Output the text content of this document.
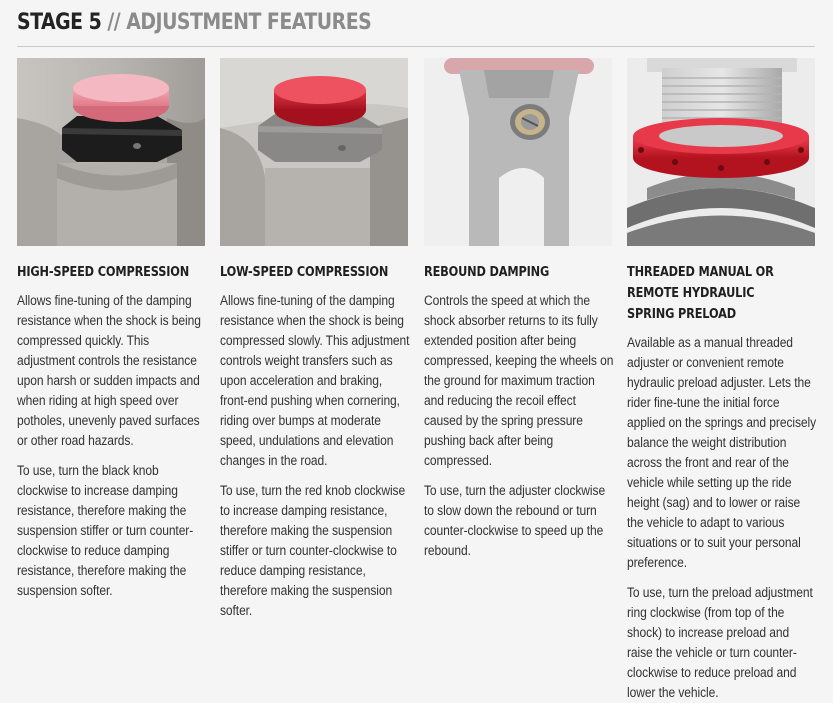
STAGE 5 // ADJUSTMENT FEATURES
HIGH-SPEED COMPRESSION

Allows fine-tuning of the damping resistance when the shock is being compressed quickly. This adjustment controls the resistance upon harsh or sudden impacts and when riding at high speed over potholes, unevenly paved surfaces or other road hazards.

To use, turn the black knob clockwise to increase damping resistance, therefore making the suspension stiffer or turn counter-clockwise to reduce damping resistance, therefore making the suspension softer.

LOW-SPEED COMPRESSION

Allows fine-tuning of the damping resistance when the shock is being compressed slowly. This adjustment controls weight transfers such as upon acceleration and braking, front-end pushing when cornering, riding over bumps at moderate speed, undulations and elevation changes in the road.

To use, turn the red knob clockwise to increase damping resistance, therefore making the suspension stiffer or turn counter-clockwise to reduce damping resistance, therefore making the suspension softer.

REBOUND DAMPING

Controls the speed at which the shock absorber returns to its fully extended position after being compressed, keeping the wheels on the ground for maximum traction and reducing the recoil effect caused by the spring pressure pushing back after being compressed.

To use, turn the adjuster clockwise to slow down the rebound or turn counter-clockwise to speed up the rebound.

THREADED MANUAL OR REMOTE HYDRAULIC SPRING PRELOAD

Available as a manual threaded adjuster or convenient remote hydraulic preload adjuster. Lets the rider fine-tune the initial force applied on the springs and precisely balance the weight distribution across the front and rear of the vehicle while setting up the ride height (sag) and to lower or raise the vehicle to adapt to various situations or to suit your personal preference.

To use, turn the preload adjustment ring clockwise (from top of the shock) to increase preload and raise the vehicle or turn counter-clockwise to reduce preload and lower the vehicle.
